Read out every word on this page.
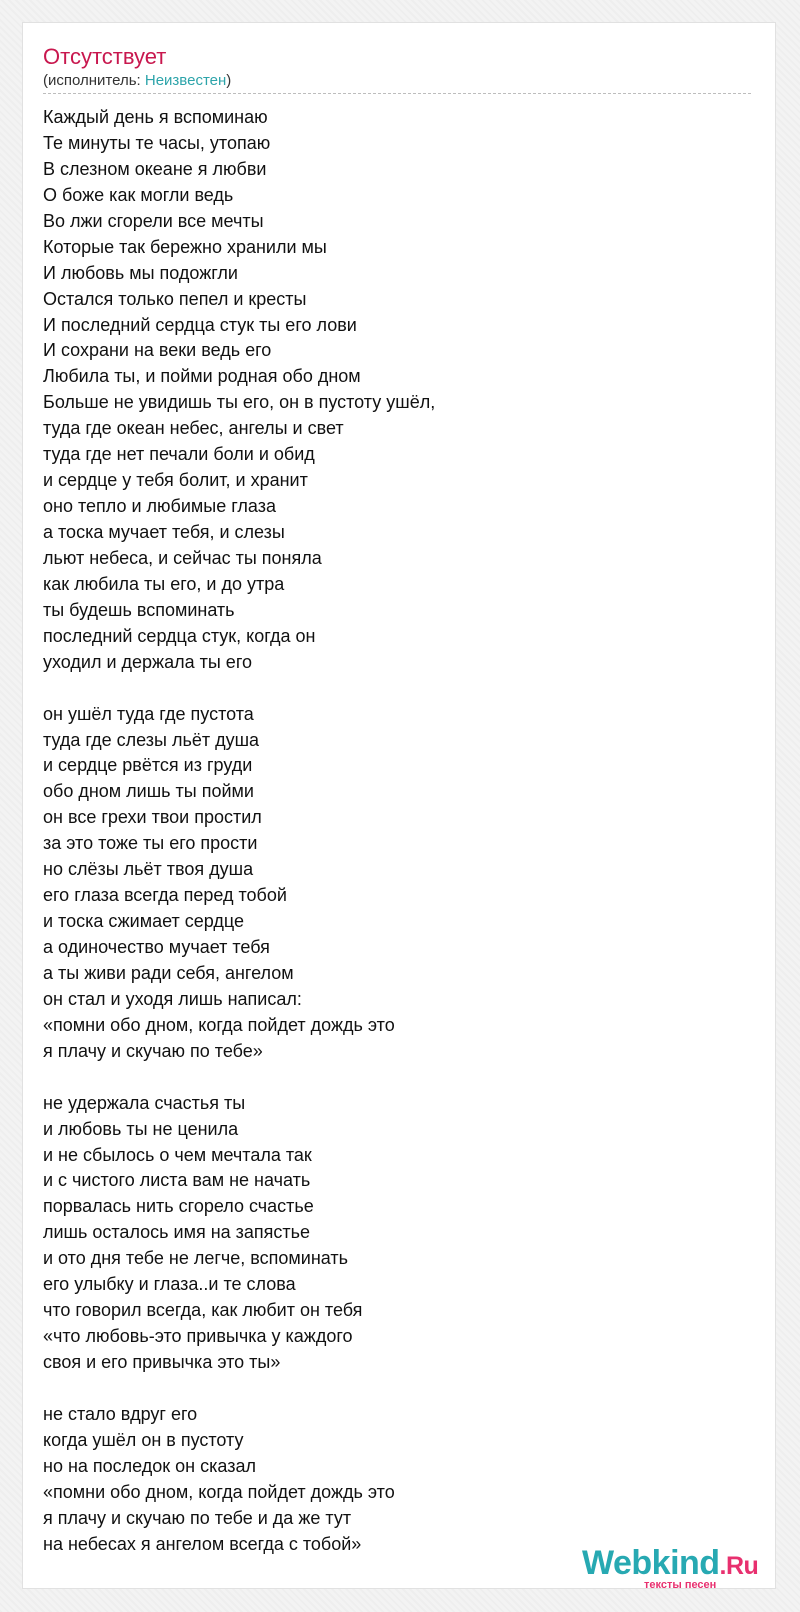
Отсутствует
(исполнитель: Неизвестен)
Каждый день я вспоминаю
Те минуты те часы, утопаю
В слезном океане я любви
О боже как могли ведь
Во лжи сгорели все мечты
Которые так бережно хранили мы
И любовь мы подожгли
Остался только пепел и кресты
И последний сердца стук ты его лови
И сохрани на веки ведь его
Любила ты, и пойми родная обо дном
Больше не увидишь ты его, он в пустоту ушёл,
туда где океан небес, ангелы и свет
туда где нет печали боли и обид
и сердце у тебя болит, и хранит
оно тепло и любимые глаза
а тоска мучает тебя, и слезы
льют небеса, и сейчас ты поняла
как любила ты его, и до утра
ты будешь вспоминать
последний сердца стук, когда он
уходил и держала ты его
он ушёл туда где пустота
туда где слезы льёт душа
и сердце рвётся из груди
обо дном лишь ты пойми
он все грехи твои простил
за это тоже ты его прости
но слёзы льёт твоя душа
его глаза всегда перед тобой
и тоска сжимает сердце
а одиночество мучает тебя
а ты живи ради себя, ангелом
он стал и уходя лишь написал:
«помни обо дном, когда пойдет дождь это
я плачу и скучаю по тебе»
не удержала счастья ты
и любовь ты не ценила
и не сбылось о чем мечтала так
и с чистого листа вам не начать
порвалась нить сгорело счастье
лишь осталось имя на запястье
и ото дня тебе не легче, вспоминать
его улыбку и глаза..и те слова
что говорил всегда, как любит он тебя
«что любовь-это привычка у каждого
своя и его привычка это ты»
не стало вдруг его
когда ушёл он в пустоту
но на последок он сказал
«помни обо дном, когда пойдет дождь это
я плачу и скучаю по тебе и да же тут
на небесах я ангелом всегда с тобой»
Webkind.Ru
тексты песен
